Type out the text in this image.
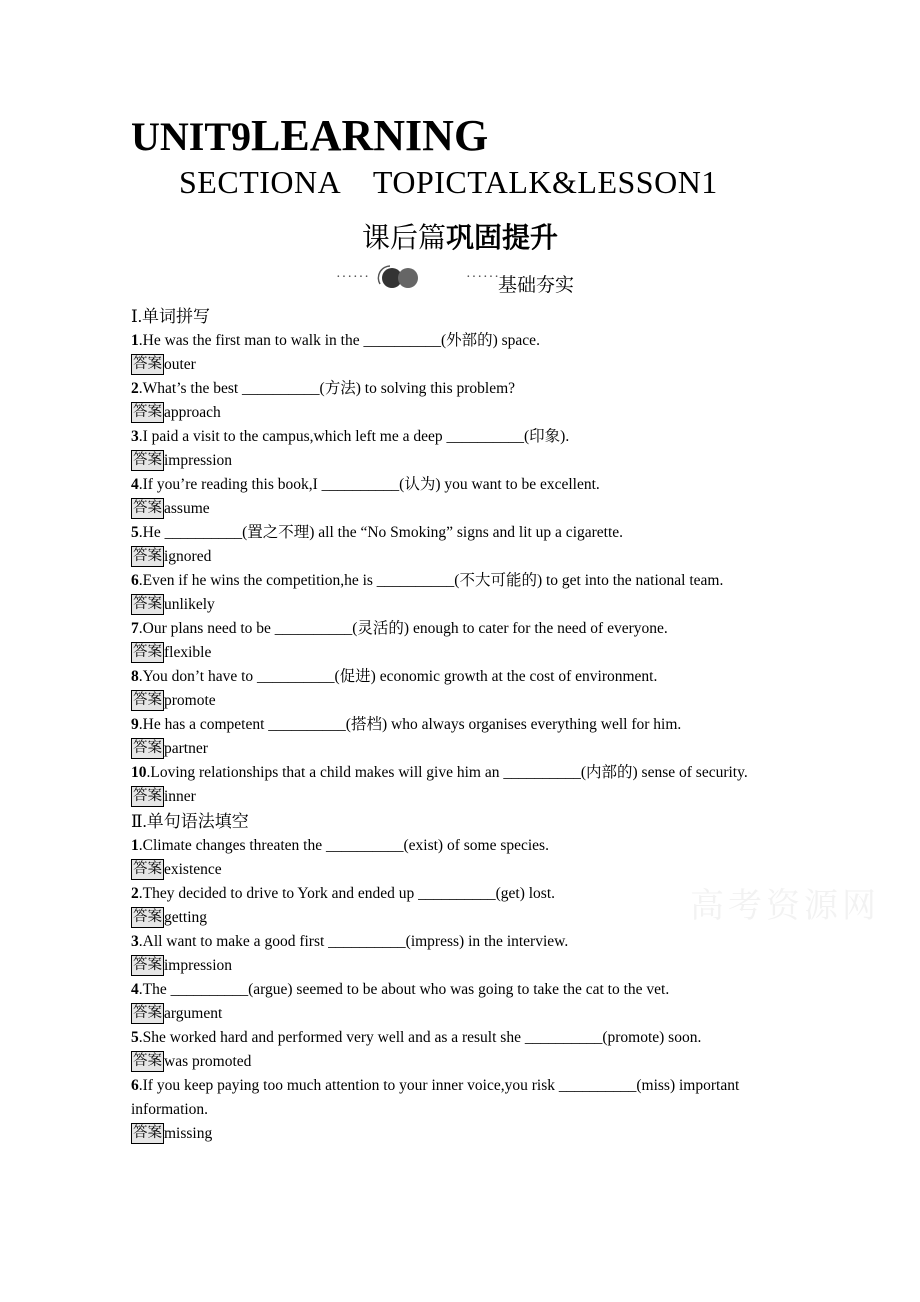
UNIT9LEARNING
SECTIONA    TOPICTALK&LESSON1
课后篇巩固提升
······	······
基础夯实
Ⅰ.单词拼写
1.He was the first man to walk in the __________(外部的) space.
答案 outer
2.What’s the best __________(方法) to solving this problem?
答案 approach
3.I paid a visit to the campus,which left me a deep __________(印象).
答案 impression
4.If you’re reading this book,I __________(认为) you want to be excellent.
答案 assume
5.He __________(置之不理) all the “No Smoking” signs and lit up a cigarette.
答案 ignored
6.Even if he wins the competition,he is __________(不大可能的) to get into the national team.
答案 unlikely
7.Our plans need to be __________(灵活的) enough to cater for the need of everyone.
答案 flexible
8.You don’t have to __________(促进) economic growth at the cost of environment.
答案 promote
9.He has a competent __________(搭档) who always organises everything well for him.
答案 partner
10.Loving relationships that a child makes will give him an __________(内部的) sense of security.
答案 inner
Ⅱ.单句语法填空
1.Climate changes threaten the __________(exist) of some species.
答案 existence
2.They decided to drive to York and ended up __________(get) lost.
答案 getting
3.All want to make a good first __________(impress) in the interview.
答案 impression
4.The __________(argue) seemed to be about who was going to take the cat to the vet.
答案 argument
5.She worked hard and performed very well and as a result she __________(promote) soon.
答案 was promoted
6.If you keep paying too much attention to your inner voice,you risk __________(miss) important information.
答案 missing
高考资源网
